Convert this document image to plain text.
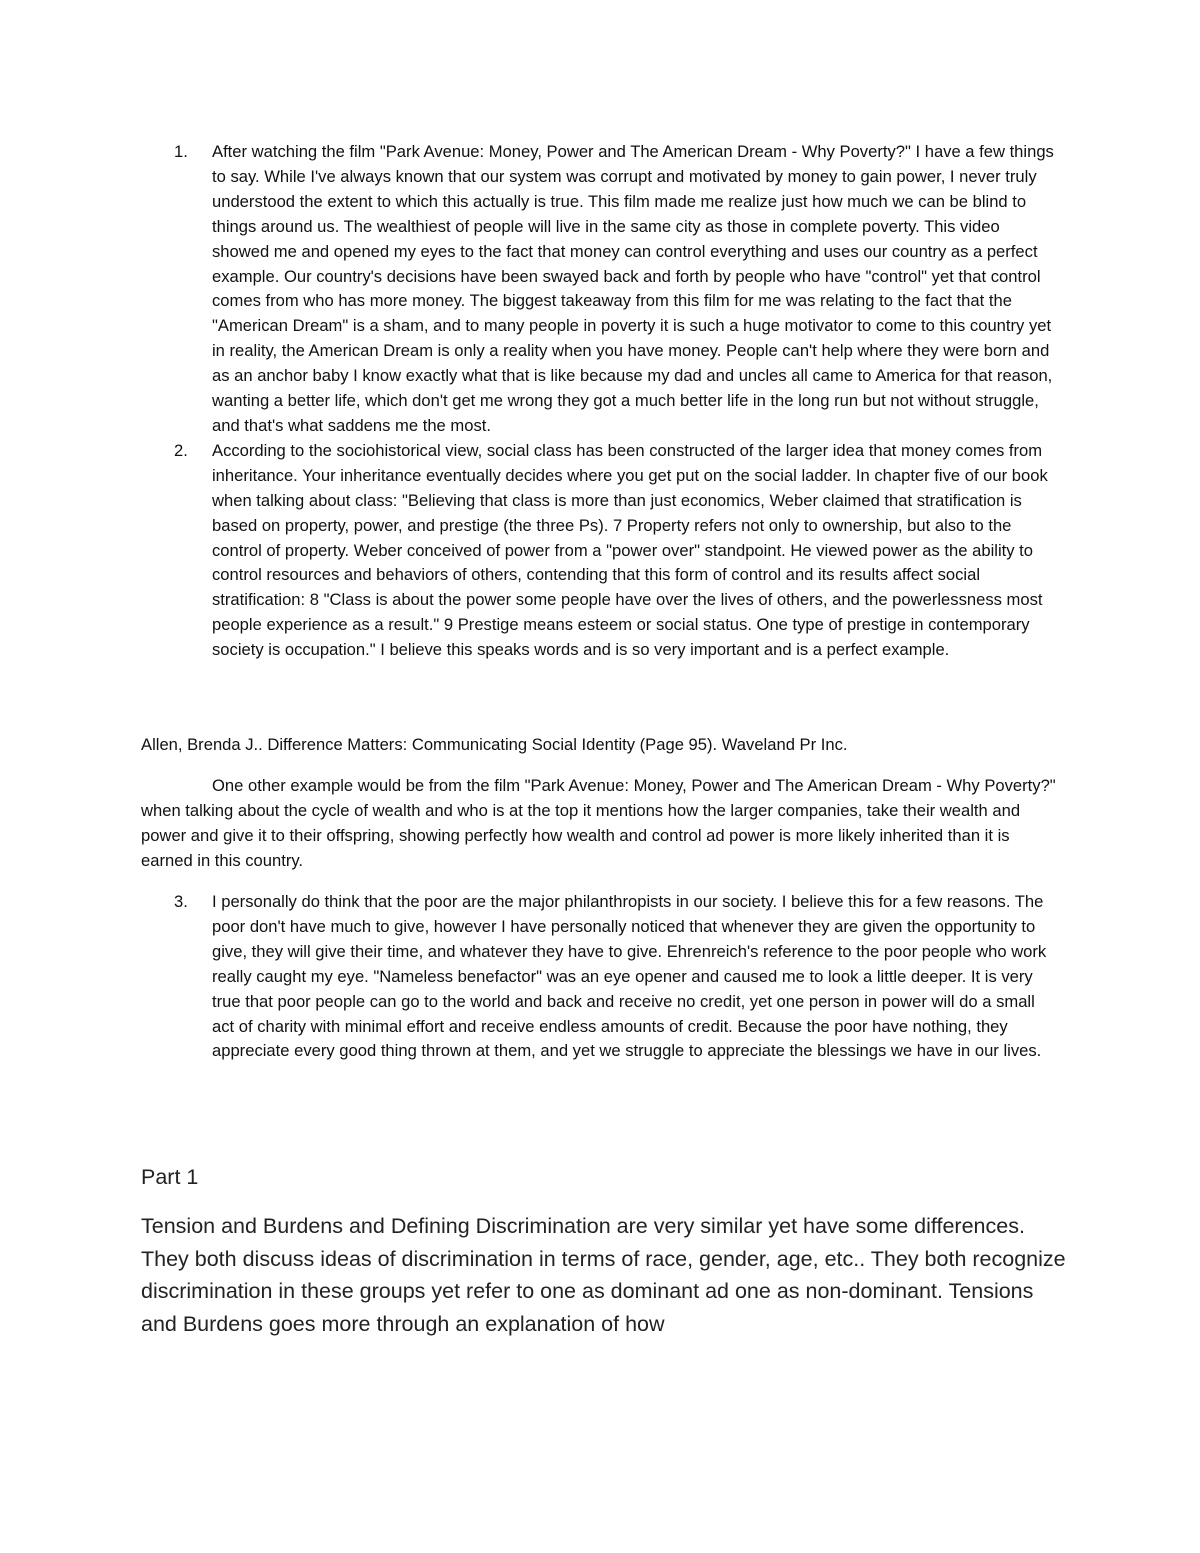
1.	After watching the film "Park Avenue: Money, Power and The American Dream - Why Poverty?" I have a few things to say. While I've always known that our system was corrupt and motivated by money to gain power, I never truly understood the extent to which this actually is true. This film made me realize just how much we can be blind to things around us. The wealthiest of people will live in the same city as those in complete poverty. This video showed me and opened my eyes to the fact that money can control everything and uses our country as a perfect example. Our country's decisions have been swayed back and forth by people who have "control" yet that control comes from who has more money. The biggest takeaway from this film for me was relating to the fact that the "American Dream" is a sham, and to many people in poverty it is such a huge motivator to come to this country yet in reality, the American Dream is only a reality when you have money. People can't help where they were born and as an anchor baby I know exactly what that is like because my dad and uncles all came to America for that reason, wanting a better life, which don't get me wrong they got a much better life in the long run but not without struggle, and that's what saddens me the most.
2.	According to the sociohistorical view, social class has been constructed of the larger idea that money comes from inheritance. Your inheritance eventually decides where you get put on the social ladder. In chapter five of our book when talking about class: "Believing that class is more than just economics, Weber claimed that stratification is based on property, power, and prestige (the three Ps). 7 Property refers not only to ownership, but also to the control of property. Weber conceived of power from a "power over" standpoint. He viewed power as the ability to control resources and behaviors of others, contending that this form of control and its results affect social stratification: 8 "Class is about the power some people have over the lives of others, and the powerlessness most people experience as a result." 9 Prestige means esteem or social status. One type of prestige in contemporary society is occupation." I believe this speaks words and is so very important and is a perfect example.
Allen, Brenda J.. Difference Matters: Communicating Social Identity (Page 95). Waveland Pr Inc.
One other example would be from the film "Park Avenue: Money, Power and The American Dream - Why Poverty?" when talking about the cycle of wealth and who is at the top it mentions how the larger companies, take their wealth and power and give it to their offspring, showing perfectly how wealth and control ad power is more likely inherited than it is earned in this country.
3.	I personally do think that the poor are the major philanthropists in our society. I believe this for a few reasons. The poor don't have much to give, however I have personally noticed that whenever they are given the opportunity to give, they will give their time, and whatever they have to give. Ehrenreich's reference to the poor people who work really caught my eye. "Nameless benefactor" was an eye opener and caused me to look a little deeper. It is very true that poor people can go to the world and back and receive no credit, yet one person in power will do a small act of charity with minimal effort and receive endless amounts of credit. Because the poor have nothing, they appreciate every good thing thrown at them, and yet we struggle to appreciate the blessings we have in our lives.
Part 1
Tension and Burdens and Defining Discrimination are very similar yet have some differences. They both discuss ideas of discrimination in terms of race, gender, age, etc.. They both recognize discrimination in these groups yet refer to one as dominant ad one as non-dominant. Tensions and Burdens goes more through an explanation of how
